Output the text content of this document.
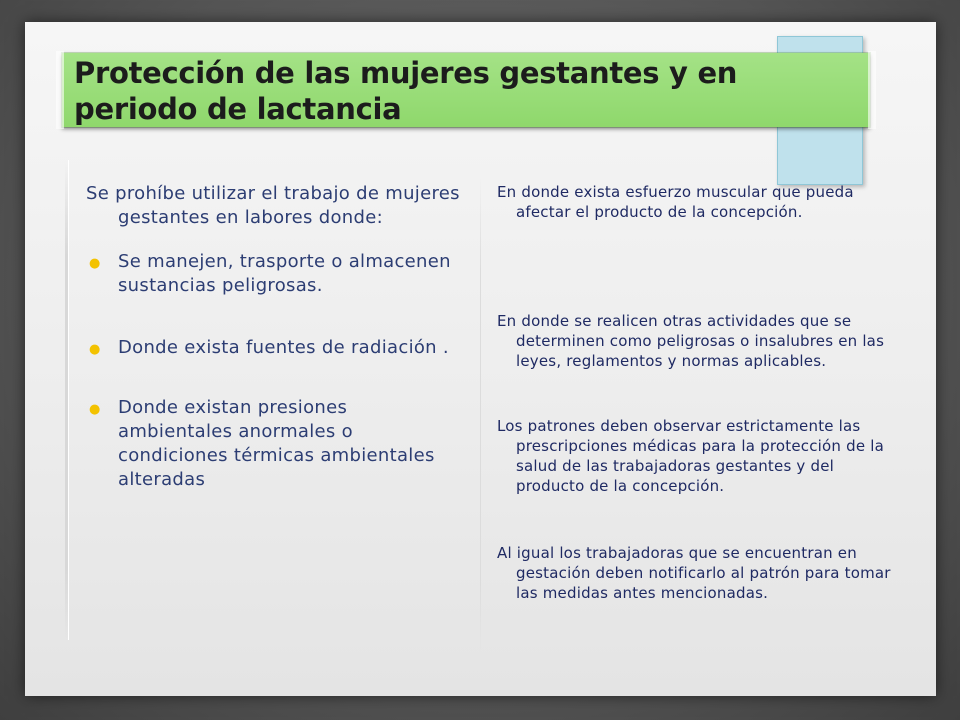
Protección de las mujeres gestantes y en periodo de lactancia

Se prohíbe utilizar el trabajo de mujeres gestantes en labores donde:

● Se manejen, trasporte o almacenen sustancias peligrosas.
● Donde exista fuentes de radiación .
● Donde existan presiones ambientales anormales o condiciones térmicas ambientales alteradas

En donde exista esfuerzo muscular que pueda afectar el producto de la concepción.

En donde se realicen otras actividades que se determinen como peligrosas o insalubres en las leyes, reglamentos y normas aplicables.

Los patrones deben observar estrictamente las prescripciones médicas para la protección de la salud de las trabajadoras gestantes y del producto de la concepción.

Al igual los trabajadoras que se encuentran en gestación deben notificarlo al patrón para tomar las medidas antes mencionadas.
